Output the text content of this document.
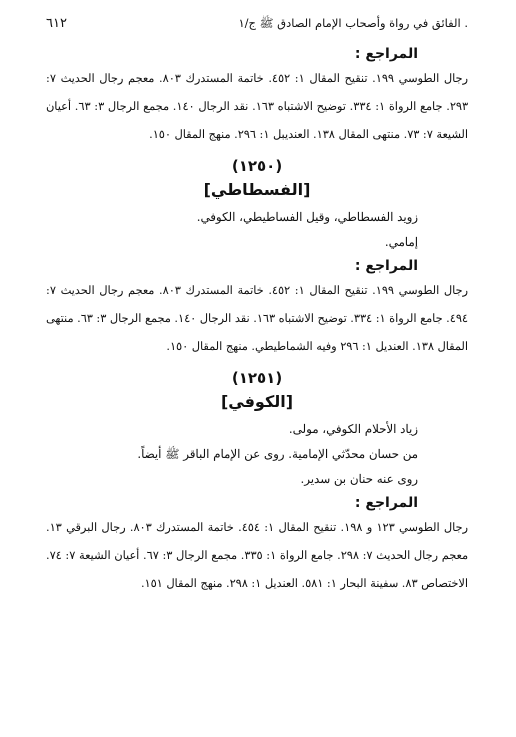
. الفائق في رواة وأصحاب الإمام الصادق ﷺ ج/١
٦١٢
المراجع :

رجال الطوسي ١٩٩. تنقيح المقال ١: ٤٥٢. خاتمة المستدرك ٨٠٣. معجم رجال الحديث ٧: ٢٩٣. جامع الرواة ١: ٣٣٤. توضيح الاشتباه ١٦٣. نقد الرجال ١٤٠. مجمع الرجال ٣: ٦٣. أعيان الشيعة ٧: ٧٣. منتهى المقال ١٣٨. العنديبل ١: ٢٩٦. منهج المقال ١٥٠.

(١٢٥٠)
[الفسطاطي]

زويد الفسطاطي، وقيل الفساطيطي، الكوفي.

إمامي.

المراجع :

رجال الطوسي ١٩٩. تنقيح المقال ١: ٤٥٢. خاتمة المستدرك ٨٠٣. معجم رجال الحديث ٧: ٤٩٤. جامع الرواة ١: ٣٣٤. توضيح الاشتباه ١٦٣. نقد الرجال ١٤٠. مجمع الرجال ٣: ٦٣. منتهى المقال ١٣٨. العنديل ١: ٢٩٦ وفيه الشماطيطي. منهج المقال ١٥٠.

(١٢٥١)
[الكوفي]

زياد الأحلام الكوفي، مولى.

من حسان محدّثي الإمامية. روى عن الإمام الباقر ﷺ أيضاً.

روى عنه حنان بن سدير.

المراجع :

رجال الطوسي ١٢٣ و ١٩٨. تنقيح المقال ١: ٤٥٤. خاتمة المستدرك ٨٠٣. رجال البرقي ١٣. معجم رجال الحديث ٧: ٢٩٨. جامع الرواة ١: ٣٣٥. مجمع الرجال ٣: ٦٧. أعيان الشيعة ٧: ٧٤. الاختصاص ٨٣. سفينة البحار ١: ٥٨١. العنديل ١: ٢٩٨. منهج المقال ١٥١.
